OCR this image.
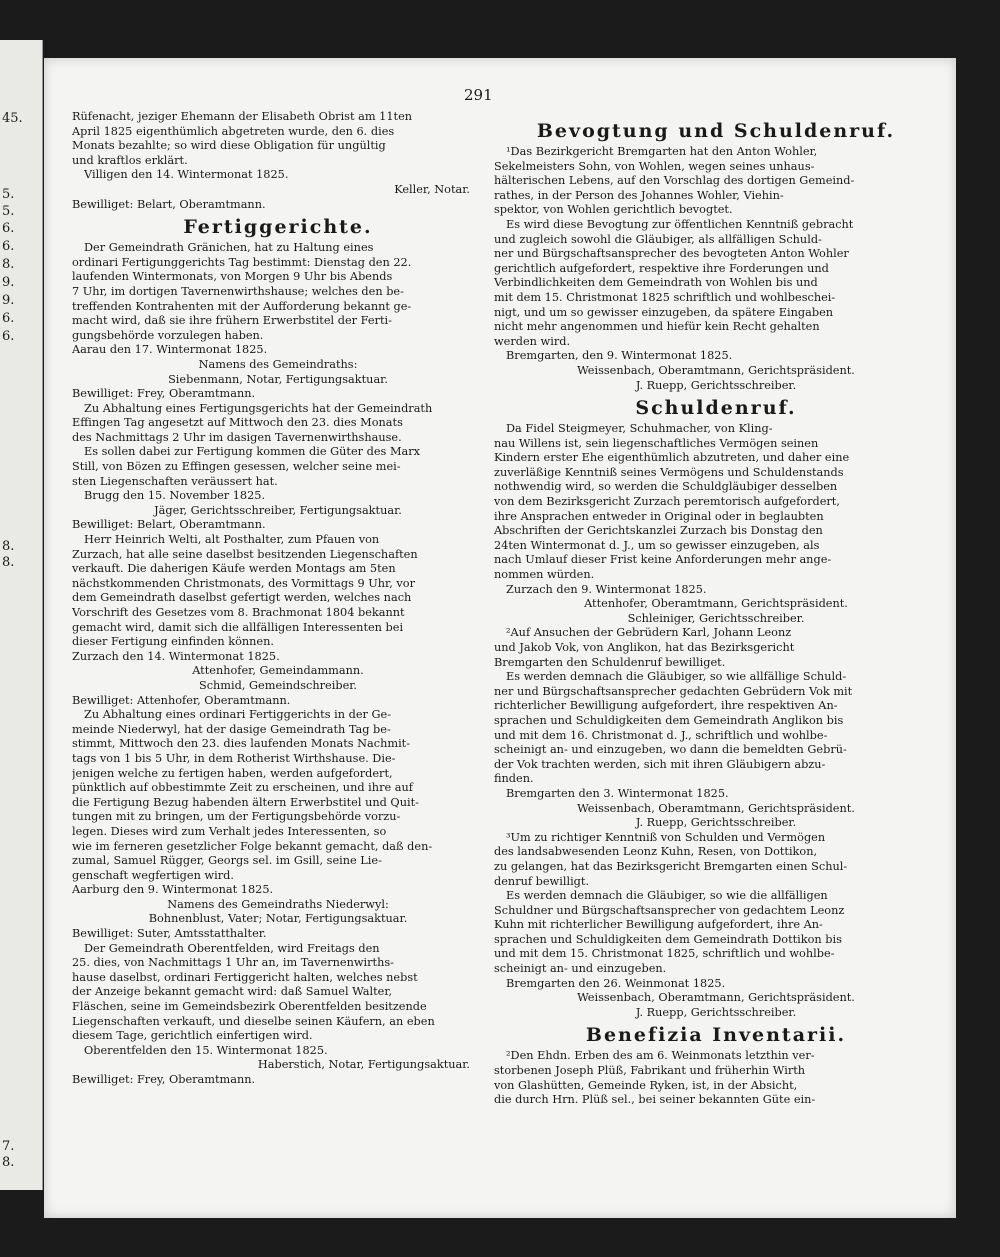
45.
5.
5.
6.
6.
8.
9.
9.
6.
6.
8.
8.
7.
8.
291
Rüfenacht, jeziger Ehemann der Elisabeth Obrist am 11ten
April 1825 eigenthümlich abgetreten wurde, den 6. dies
Monats bezahlte; so wird diese Obligation für ungültig
und kraftlos erklärt.
Villigen den 14. Wintermonat 1825.
Keller, Notar.
Bewilliget: Belart, Oberamtmann.
Fertiggerichte.
Der Gemeindrath Gränichen, hat zu Haltung eines
ordinari Fertigunggerichts Tag bestimmt: Dienstag den 22.
laufenden Wintermonats, von Morgen 9 Uhr bis Abends
7 Uhr, im dortigen Tavernenwirthshause; welches den be-
treffenden Kontrahenten mit der Aufforderung bekannt ge-
macht wird, daß sie ihre frühern Erwerbstitel der Ferti-
gungsbehörde vorzulegen haben.
Aarau den 17. Wintermonat 1825.
Namens des Gemeindraths:
Siebenmann, Notar, Fertigungsaktuar.
Bewilliget: Frey, Oberamtmann.
Zu Abhaltung eines Fertigungsgerichts hat der Gemeindrath
Effingen Tag angesetzt auf Mittwoch den 23. dies Monats
des Nachmittags 2 Uhr im dasigen Tavernenwirthshause.
Es sollen dabei zur Fertigung kommen die Güter des Marx
Still, von Bözen zu Effingen gesessen, welcher seine mei-
sten Liegenschaften veräussert hat.
Brugg den 15. November 1825.
Jäger, Gerichtsschreiber, Fertigungsaktuar.
Bewilliget: Belart, Oberamtmann.
Herr Heinrich Welti, alt Posthalter, zum Pfauen von
Zurzach, hat alle seine daselbst besitzenden Liegenschaften
verkauft. Die daherigen Käufe werden Montags am 5ten
nächstkommenden Christmonats, des Vormittags 9 Uhr, vor
dem Gemeindrath daselbst gefertigt werden, welches nach
Vorschrift des Gesetzes vom 8. Brachmonat 1804 bekannt
gemacht wird, damit sich die allfälligen Interessenten bei
dieser Fertigung einfinden können.
Zurzach den 14. Wintermonat 1825.
Attenhofer, Gemeindammann.
Schmid, Gemeindschreiber.
Bewilliget: Attenhofer, Oberamtmann.
Zu Abhaltung eines ordinari Fertiggerichts in der Ge-
meinde Niederwyl, hat der dasige Gemeindrath Tag be-
stimmt, Mittwoch den 23. dies laufenden Monats Nachmit-
tags von 1 bis 5 Uhr, in dem Rotherist Wirthshause. Die-
jenigen welche zu fertigen haben, werden aufgefordert,
pünktlich auf obbestimmte Zeit zu erscheinen, und ihre auf
die Fertigung Bezug habenden ältern Erwerbstitel und Quit-
tungen mit zu bringen, um der Fertigungsbehörde vorzu-
legen. Dieses wird zum Verhalt jedes Interessenten, so
wie im ferneren gesetzlicher Folge bekannt gemacht, daß den-
zumal, Samuel Rügger, Georgs sel. im Gsill, seine Lie-
genschaft wegfertigen wird.
Aarburg den 9. Wintermonat 1825.
Namens des Gemeindraths Niederwyl:
Bohnenblust, Vater; Notar, Fertigungsaktuar.
Bewilliget: Suter, Amtsstatthalter.
Der Gemeindrath Oberentfelden, wird Freitags den
25. dies, von Nachmittags 1 Uhr an, im Tavernenwirths-
hause daselbst, ordinari Fertiggericht halten, welches nebst
der Anzeige bekannt gemacht wird: daß Samuel Walter,
Fläschen, seine im Gemeindsbezirk Oberentfelden besitzende
Liegenschaften verkauft, und dieselbe seinen Käufern, an eben
diesem Tage, gerichtlich einfertigen wird.
Oberentfelden den 15. Wintermonat 1825.
Haberstich, Notar, Fertigungsaktuar.
Bewilliget: Frey, Oberamtmann.
Bevogtung und Schuldenruf.
¹Das Bezirkgericht Bremgarten hat den Anton Wohler,
Sekelmeisters Sohn, von Wohlen, wegen seines unhaus-
hälterischen Lebens, auf den Vorschlag des dortigen Gemeind-
rathes, in der Person des Johannes Wohler, Viehin-
spektor, von Wohlen gerichtlich bevogtet.
Es wird diese Bevogtung zur öffentlichen Kenntniß gebracht
und zugleich sowohl die Gläubiger, als allfälligen Schuld-
ner und Bürgschaftsansprecher des bevogteten Anton Wohler
gerichtlich aufgefordert, respektive ihre Forderungen und
Verbindlichkeiten dem Gemeindrath von Wohlen bis und
mit dem 15. Christmonat 1825 schriftlich und wohlbeschei-
nigt, und um so gewisser einzugeben, da spätere Eingaben
nicht mehr angenommen und hiefür kein Recht gehalten
werden wird.
Bremgarten, den 9. Wintermonat 1825.
Weissenbach, Oberamtmann, Gerichtspräsident.
J. Ruepp, Gerichtsschreiber.
Schuldenruf.
Da Fidel Steigmeyer, Schuhmacher, von Kling-
nau Willens ist, sein liegenschaftliches Vermögen seinen
Kindern erster Ehe eigenthümlich abzutreten, und daher eine
zuverläßige Kenntniß seines Vermögens und Schuldenstands
nothwendig wird, so werden die Schuldgläubiger desselben
von dem Bezirksgericht Zurzach peremtorisch aufgefordert,
ihre Ansprachen entweder in Original oder in beglaubten
Abschriften der Gerichtskanzlei Zurzach bis Donstag den
24ten Wintermonat d. J., um so gewisser einzugeben, als
nach Umlauf dieser Frist keine Anforderungen mehr ange-
nommen würden.
Zurzach den 9. Wintermonat 1825.
Attenhofer, Oberamtmann, Gerichtspräsident.
Schleiniger, Gerichtsschreiber.
²Auf Ansuchen der Gebrüdern Karl, Johann Leonz
und Jakob Vok, von Anglikon, hat das Bezirksgericht
Bremgarten den Schuldenruf bewilliget.
Es werden demnach die Gläubiger, so wie allfällige Schuld-
ner und Bürgschaftsansprecher gedachten Gebrüdern Vok mit
richterlicher Bewilligung aufgefordert, ihre respektiven An-
sprachen und Schuldigkeiten dem Gemeindrath Anglikon bis
und mit dem 16. Christmonat d. J., schriftlich und wohlbe-
scheinigt an- und einzugeben, wo dann die bemeldten Gebrü-
der Vok trachten werden, sich mit ihren Gläubigern abzu-
finden.
Bremgarten den 3. Wintermonat 1825.
Weissenbach, Oberamtmann, Gerichtspräsident.
J. Ruepp, Gerichtsschreiber.
³Um zu richtiger Kenntniß von Schulden und Vermögen
des landsabwesenden Leonz Kuhn, Resen, von Dottikon,
zu gelangen, hat das Bezirksgericht Bremgarten einen Schul-
denruf bewilligt.
Es werden demnach die Gläubiger, so wie die allfälligen
Schuldner und Bürgschaftsansprecher von gedachtem Leonz
Kuhn mit richterlicher Bewilligung aufgefordert, ihre An-
sprachen und Schuldigkeiten dem Gemeindrath Dottikon bis
und mit dem 15. Christmonat 1825, schriftlich und wohlbe-
scheinigt an- und einzugeben.
Bremgarten den 26. Weinmonat 1825.
Weissenbach, Oberamtmann, Gerichtspräsident.
J. Ruepp, Gerichtsschreiber.
Benefizia Inventarii.
²Den Ehdn. Erben des am 6. Weinmonats letzthin ver-
storbenen Joseph Plüß, Fabrikant und früherhin Wirth
von Glashütten, Gemeinde Ryken, ist, in der Absicht,
die durch Hrn. Plüß sel., bei seiner bekannten Güte ein-
